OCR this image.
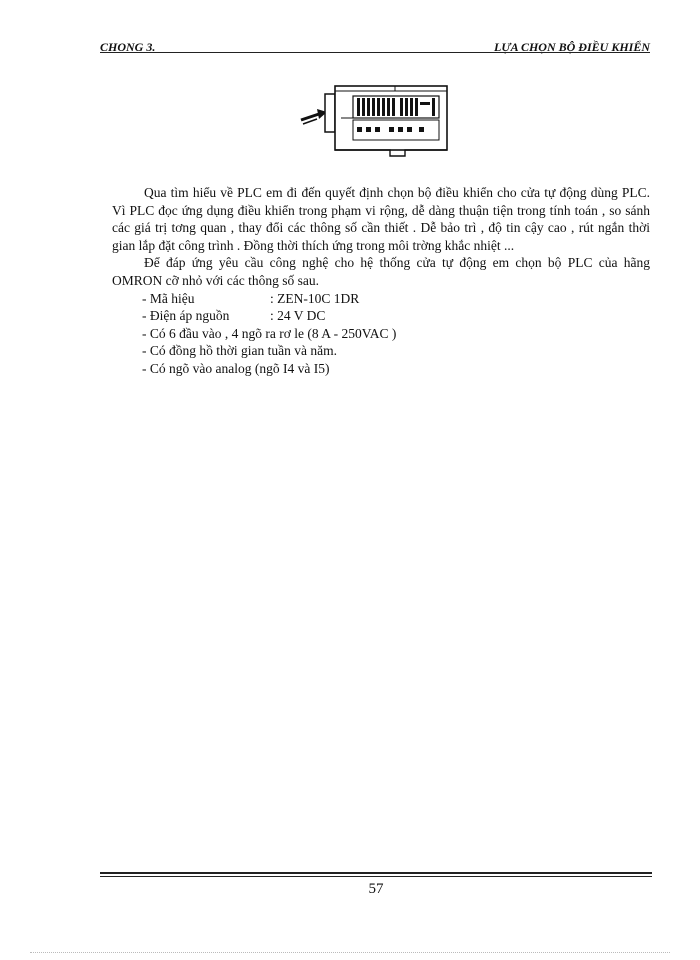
CHONG 3.	LỰA CHỌN BỘ ĐIỀU KHIỂN

Qua tìm hiểu về PLC em đi đến quyết định chọn bộ điều khiển cho cửa tự động dùng PLC. Vì PLC đọc ứng dụng điều khiển trong phạm vi rộng, dễ dàng thuận tiện trong tính toán , so sánh các giá trị tơng quan , thay đổi các thông số cần thiết . Dễ bảo trì , độ tin cậy cao , rút ngắn thời gian lắp đặt công trình . Đồng thời thích ứng trong môi trờng khắc nhiệt ...

Để đáp ứng yêu cầu công nghệ cho hệ thống cửa tự động em chọn bộ PLC của hãng OMRON cỡ nhỏ với các thông số sau.

- Mã hiệu	: ZEN-10C 1DR
- Điện áp nguồn	: 24 V DC
- Có 6 đầu vào , 4 ngõ ra rơ le (8 A - 250VAC )
- Có đồng hồ thời gian tuần và năm.
- Có ngõ vào analog (ngõ I4 và I5)
57
